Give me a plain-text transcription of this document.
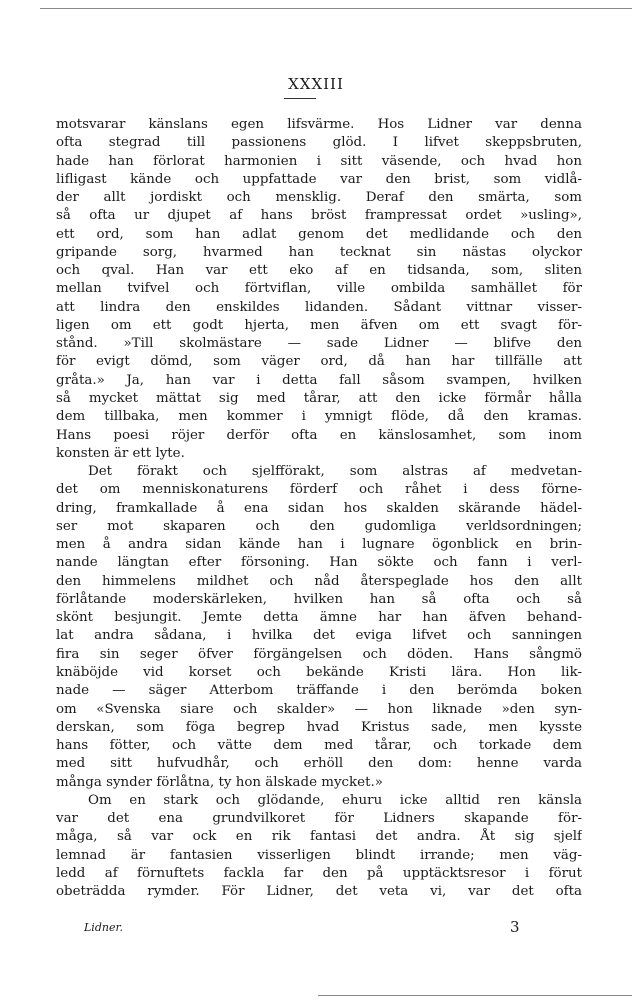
XXXIII
motsvarar känslans egen lifsvärme. Hos Lidner var denna
ofta stegrad till passionens glöd. I lifvet skeppsbruten,
hade han förlorat harmonien i sitt väsende, och hvad hon
lifligast kände och uppfattade var den brist, som vidlå-
der allt jordiskt och mensklig. Deraf den smärta, som
så ofta ur djupet af hans bröst frampressat ordet »usling»,
ett ord, som han adlat genom det medlidande och den
gripande sorg, hvarmed han tecknat sin nästas olyckor
och qval. Han var ett eko af en tidsanda, som, sliten
mellan tvifvel och förtviflan, ville ombilda samhället för
att lindra den enskildes lidanden. Sådant vittnar visser-
ligen om ett godt hjerta, men äfven om ett svagt för-
stånd. »Till skolmästare — sade Lidner — blifve den
för evigt dömd, som väger ord, då han har tillfälle att
gråta.» Ja, han var i detta fall såsom svampen, hvilken
så mycket mättat sig med tårar, att den icke förmår hålla
dem tillbaka, men kommer i ymnigt flöde, då den kramas.
Hans poesi röjer derför ofta en känslosamhet, som inom
konsten är ett lyte.
Det förakt och sjelfförakt, som alstras af medvetan-
det om menniskonaturens förderf och råhet i dess förne-
dring, framkallade å ena sidan hos skalden skärande hädel-
ser mot skaparen och den gudomliga verldsordningen;
men å andra sidan kände han i lugnare ögonblick en brin-
nande längtan efter försoning. Han sökte och fann i verl-
den himmelens mildhet och nåd återspeglade hos den allt
förlåtande moderskärleken, hvilken han så ofta och så
skönt besjungit. Jemte detta ämne har han äfven behand-
lat andra sådana, i hvilka det eviga lifvet och sanningen
fira sin seger öfver förgängelsen och döden. Hans sångmö
knäböjde vid korset och bekände Kristi lära. Hon lik-
nade — säger Atterbom träffande i den berömda boken
om «Svenska siare och skalder» — hon liknade »den syn-
derskan, som föga begrep hvad Kristus sade, men kysste
hans fötter, och vätte dem med tårar, och torkade dem
med sitt hufvudhår, och erhöll den dom: henne varda
många synder förlåtna, ty hon älskade mycket.»
Om en stark och glödande, ehuru icke alltid ren känsla
var det ena grundvilkoret för Lidners skapande för-
måga, så var ock en rik fantasi det andra. Åt sig sjelf
lemnad är fantasien visserligen blindt irrande; men väg-
ledd af förnuftets fackla far den på upptäcktsresor i förut
obeträdda rymder. För Lidner, det veta vi, var det ofta
Lidner.	3
